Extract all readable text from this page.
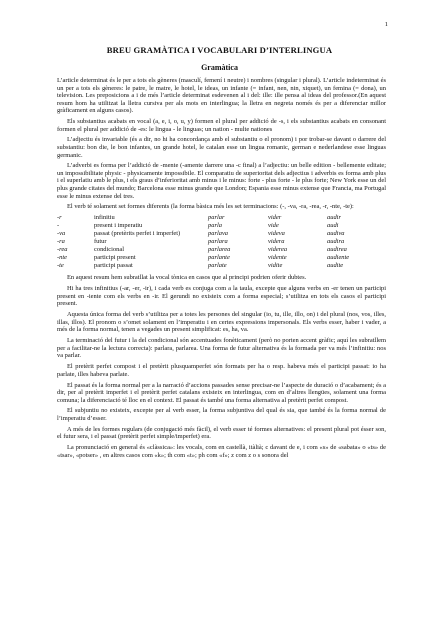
1
BREU GRAMÀTICA I VOCABULARI D’INTERLINGUA
Gramàtica

L’article determinat és le per a tots els gèneres (masculí, femení i neutre) i nombres (singular i plural). L’article indeterminat és un per a tots els gèneres: le patre, le matre, le hotel, le ideas, un infante (= infant, nen, nin, xiquet), un femina (= dona), un television. Les preposicions a i de més l’article determinat esdevenen al i del: ille: ille pensa al ideas del professor.(En aquest resum hom ha utilitzat la lletra cursiva per als mots en interlingua; la lletra en negreta només és per a diferenciar millor gràficament en alguns casos).

Els substantius acabats en vocal (a, e, i, o, u, y) formen el plural per addició de -s, i els substantius acabats en consonant formen el plural per addició de -es: le lingua - le linguas; un nation - multe nationes

L’adjectiu és invariable (és a dir, no hi ha concordança amb el substantiu o el pronom) i por trobar-se davant o darrere del substantiu: bon die, le bon infantes, un grande hotel, le catalan esse un lingua romanic, german e nederlandese esse linguas germanic.

L’adverbi es forma per l’addició de -mente (-amente darrere una -c final) a l’adjectiu: un belle edition - bellemente editate; un impossibilitate physic - physicamente impossibile. El comparatiu de superioritat dels adjectius i adverbis es forma amb plus i el superlatiu amb le plus, i els graus d’inferioritat amb minus i le minus: forte - plus forte - le plus forte; New York esse un del plus grande citates del mundo; Barcelona esse minus grande que London; Espania esse minus extense que Francia, ma Portugal esse le minus extense del tres.

El verb té solament set formes diferents (la forma bàsica més les set terminacions: (-, -va, -ra, -rea, -r, -nte, -te):

-r	infinitiu	parlar	vider	audir
-	present i imperatiu	parla	vide	audi
-va	passat (pretèrits perfet i imperfet)	parlava	videva	audiva
-ra	futur	parlara	videra	audira
-rea	condicional	parlarea	viderea	audirea
-nte	participi present	parlante	vidente	audiente
-te	participi passat	parlate	vidite	audite

En aquest resum hem subratllat la vocal tònica en casos que al principi podrien oferir dubtes.

Hi ha tres infinitius (-ar, -er, -ir), i cada verb es conjuga com a la taula, excepte que alguns verbs en -er tenen un participi present en -iente com els verbs en -ir. El gerundi no existeix com a forma especial; s’utilitza en tots els casos el participi present.

Aquesta única forma del verb s’utilitza per a totes les persones del singular (io, tu, ille, illo, on) i del plural (nos, vos, illes, illas, illos). El pronom o s’omet solament en l’imperatiu i en certes expressions impersonals. Els verbs esser, haber i vader, a més de la forma normal, tenen a vegades un present simplificat: es, ha, va.

La terminació del futur i la del condicional són accentuades fonèticament (però no porten accent gràfic; aquí les subratllem per a facilitar-ne la lectura correcta): parlara, parlarea. Una forma de futur alternativa és la formada per va més l’infinitiu: nos va parlar.

El pretèrit perfet compost i el pretèrit plusquamperfet són formats per ha o resp. habeva més el participi passat: io ha parlate, illes habeva parlate.

El passat és la forma normal per a la narració d’accions passades sense precisar-ne l’aspecte de duració o d’acabament; és a dir, per al pretèrit imperfet i el pretèrit perfet catalans existeix en interlingua, com en d’altres llengües, solament una forma comuna; la diferenciació té lloc en el context. El passat és també una forma alternativa al pretèrit perfet compost.

El subjuntiu no existeix, excepte per al verb esser, la forma subjuntiva del qual és sia, que també és la forma normal de l’imperatiu d’esser.

A més de les formes regulars (de conjugació més fàcil), el verb esser té formes alternatives: el present plural pot ésser son, el futur sera, i el passat (pretèrit perfet simple/imperfet) era.

La pronunciació en general és «clàssica»: les vocals, com en castellà, itàlià; c davant de e, i com «s» de «sabata» o «ts» de «tsar», «potser» , en altres casos com «k»; th com «t»; ph com «f»; z com z o s sonora del
